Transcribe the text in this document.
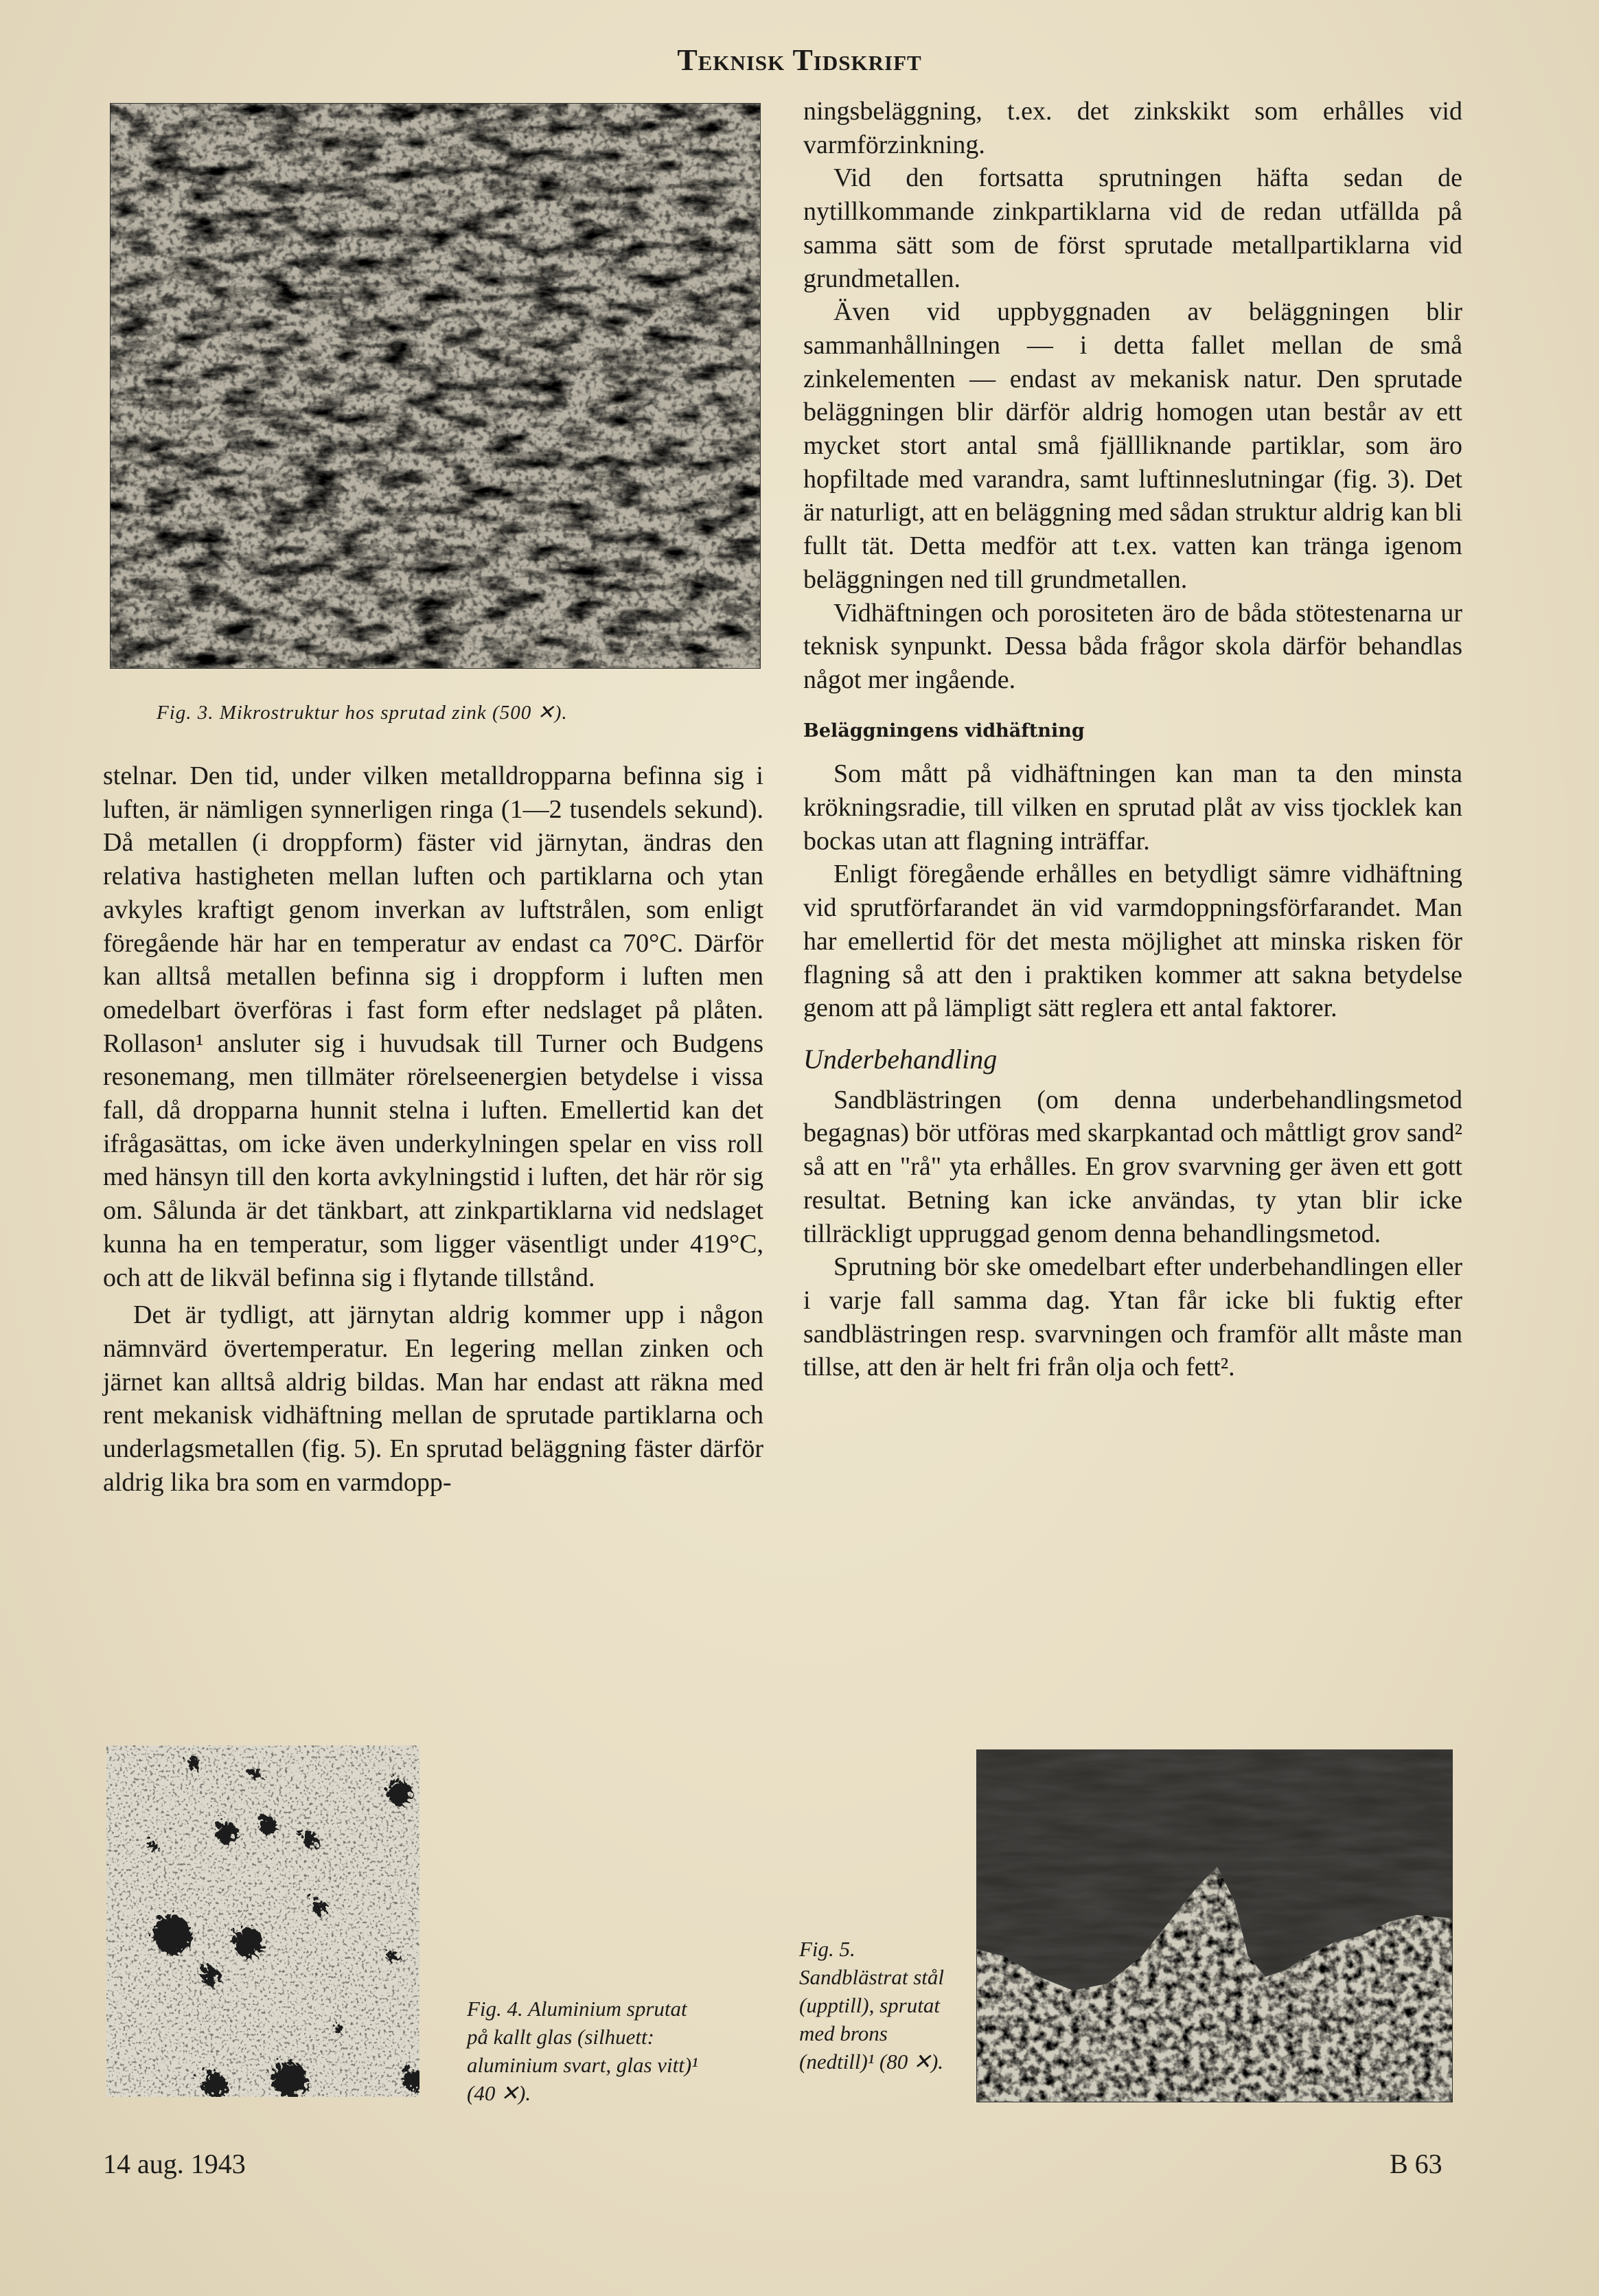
Teknisk Tidskrift
Fig. 3. Mikrostruktur hos sprutad zink (500 ✕).

stelnar. Den tid, under vilken metalldropparna befinna sig i luften, är nämligen synnerligen ringa (1—2 tusendels sekund). Då metallen (i droppform) fäster vid järnytan, ändras den relativa hastigheten mellan luften och partiklarna och ytan avkyles kraftigt genom inverkan av luftstrålen, som enligt föregående här har en temperatur av endast ca 70°C. Därför kan alltså metallen befinna sig i droppform i luften men omedelbart överföras i fast form efter nedslaget på plåten. Rollason¹ ansluter sig i huvudsak till Turner och Budgens resonemang, men tillmäter rörelseenergien betydelse i vissa fall, då dropparna hunnit stelna i luften. Emellertid kan det ifrågasättas, om icke även underkylningen spelar en viss roll med hänsyn till den korta avkylningstid i luften, det här rör sig om. Sålunda är det tänkbart, att zinkpartiklarna vid nedslaget kunna ha en temperatur, som ligger väsentligt under 419°C, och att de likväl befinna sig i flytande tillstånd.

Det är tydligt, att järnytan aldrig kommer upp i någon nämnvärd övertemperatur. En legering mellan zinken och järnet kan alltså aldrig bildas. Man har endast att räkna med rent mekanisk vidhäftning mellan de sprutade partiklarna och underlagsmetallen (fig. 5). En sprutad beläggning fäster därför aldrig lika bra som en varmdopp-

ningsbeläggning, t.ex. det zinkskikt som erhålles vid varmförzinkning.

Vid den fortsatta sprutningen häfta sedan de nytillkommande zinkpartiklarna vid de redan utfällda på samma sätt som de först sprutade metallpartiklarna vid grundmetallen.

Även vid uppbyggnaden av beläggningen blir sammanhållningen — i detta fallet mellan de små zinkelementen — endast av mekanisk natur. Den sprutade beläggningen blir därför aldrig homogen utan består av ett mycket stort antal små fjällliknande partiklar, som äro hopfiltade med varandra, samt luftinneslutningar (fig. 3). Det är naturligt, att en beläggning med sådan struktur aldrig kan bli fullt tät. Detta medför att t.ex. vatten kan tränga igenom beläggningen ned till grundmetallen.

Vidhäftningen och porositeten äro de båda stötestenarna ur teknisk synpunkt. Dessa båda frågor skola därför behandlas något mer ingående.

Beläggningens vidhäftning

Som mått på vidhäftningen kan man ta den minsta krökningsradie, till vilken en sprutad plåt av viss tjocklek kan bockas utan att flagning inträffar.

Enligt föregående erhålles en betydligt sämre vidhäftning vid sprutförfarandet än vid varmdoppningsförfarandet. Man har emellertid för det mesta möjlighet att minska risken för flagning så att den i praktiken kommer att sakna betydelse genom att på lämpligt sätt reglera ett antal faktorer.

Underbehandling

Sandblästringen (om denna underbehandlingsmetod begagnas) bör utföras med skarpkantad och måttligt grov sand² så att en "rå" yta erhålles. En grov svarvning ger även ett gott resultat. Betning kan icke användas, ty ytan blir icke tillräckligt uppruggad genom denna behandlingsmetod.

Sprutning bör ske omedelbart efter underbehandlingen eller i varje fall samma dag. Ytan får icke bli fuktig efter sandblästringen resp. svarvningen och framför allt måste man tillse, att den är helt fri från olja och fett².

Fig. 4. Aluminium sprutat på kallt glas (silhuett: aluminium svart, glas vitt)¹ (40 ✕).
Fig. 5. Sandblästrat stål (upptill), sprutat med brons (nedtill)¹ (80 ✕).
14 aug. 1943	B 63
